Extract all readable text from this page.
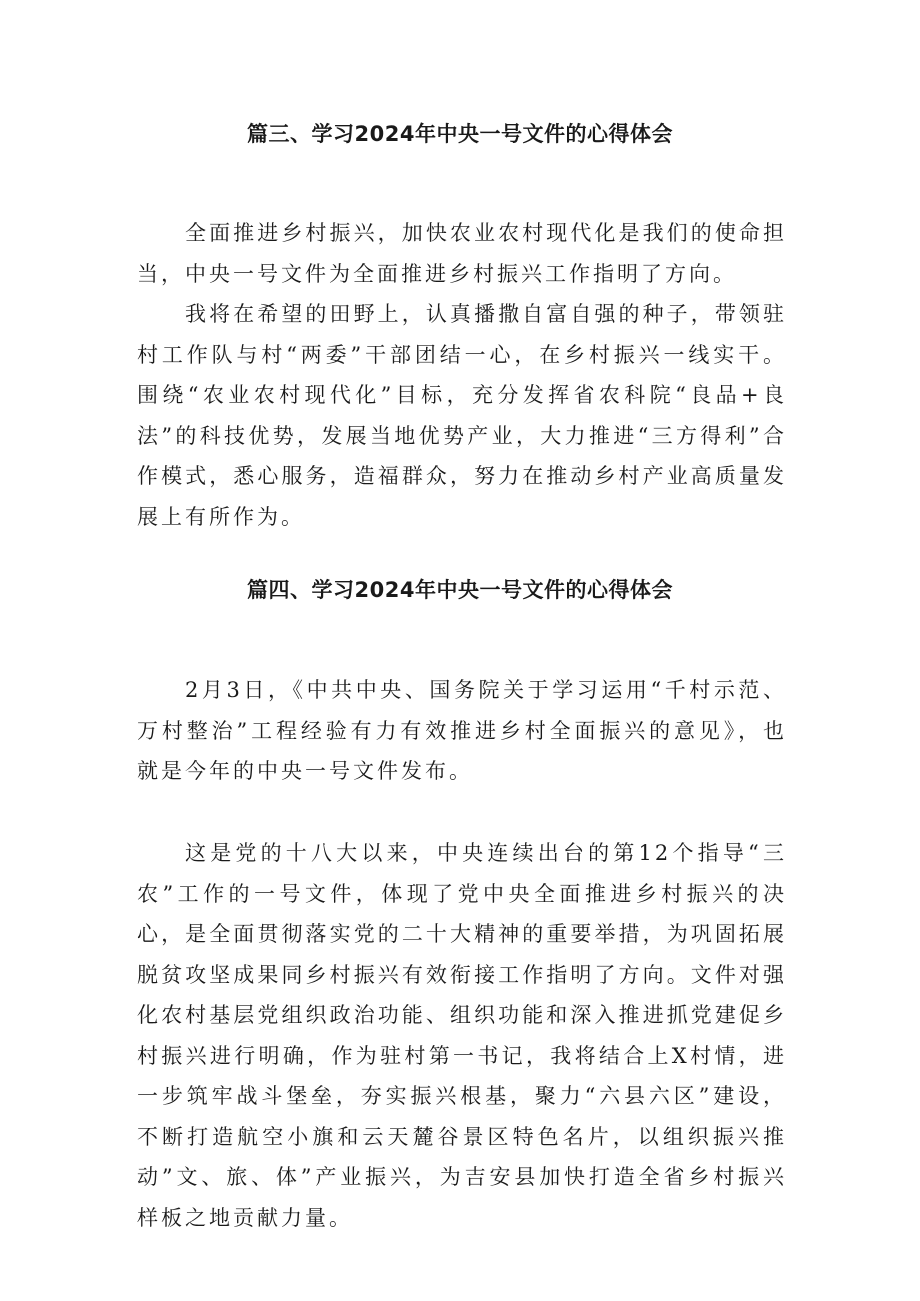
篇三、学习2024年中央一号文件的心得体会

全面推进乡村振兴，加快农业农村现代化是我们的使命担当，中央一号文件为全面推进乡村振兴工作指明了方向。

我将在希望的田野上，认真播撒自富自强的种子，带领驻村工作队与村“两委”干部团结一心，在乡村振兴一线实干。围绕“农业农村现代化”目标，充分发挥省农科院“良品+良法”的科技优势，发展当地优势产业，大力推进“三方得利”合作模式，悉心服务，造福群众，努力在推动乡村产业高质量发展上有所作为。

篇四、学习2024年中央一号文件的心得体会

2月3日，《中共中央、国务院关于学习运用“千村示范、万村整治”工程经验有力有效推进乡村全面振兴的意见》，也就是今年的中央一号文件发布。

这是党的十八大以来，中央连续出台的第12个指导“三农”工作的一号文件，体现了党中央全面推进乡村振兴的决心，是全面贯彻落实党的二十大精神的重要举措，为巩固拓展脱贫攻坚成果同乡村振兴有效衔接工作指明了方向。文件对强化农村基层党组织政治功能、组织功能和深入推进抓党建促乡村振兴进行明确，作为驻村第一书记，我将结合上X村情，进一步筑牢战斗堡垒，夯实振兴根基，聚力“六县六区”建设，不断打造航空小旗和云天麓谷景区特色名片，以组织振兴推动”文、旅、体”产业振兴，为吉安县加快打造全省乡村振兴样板之地贡献力量。
